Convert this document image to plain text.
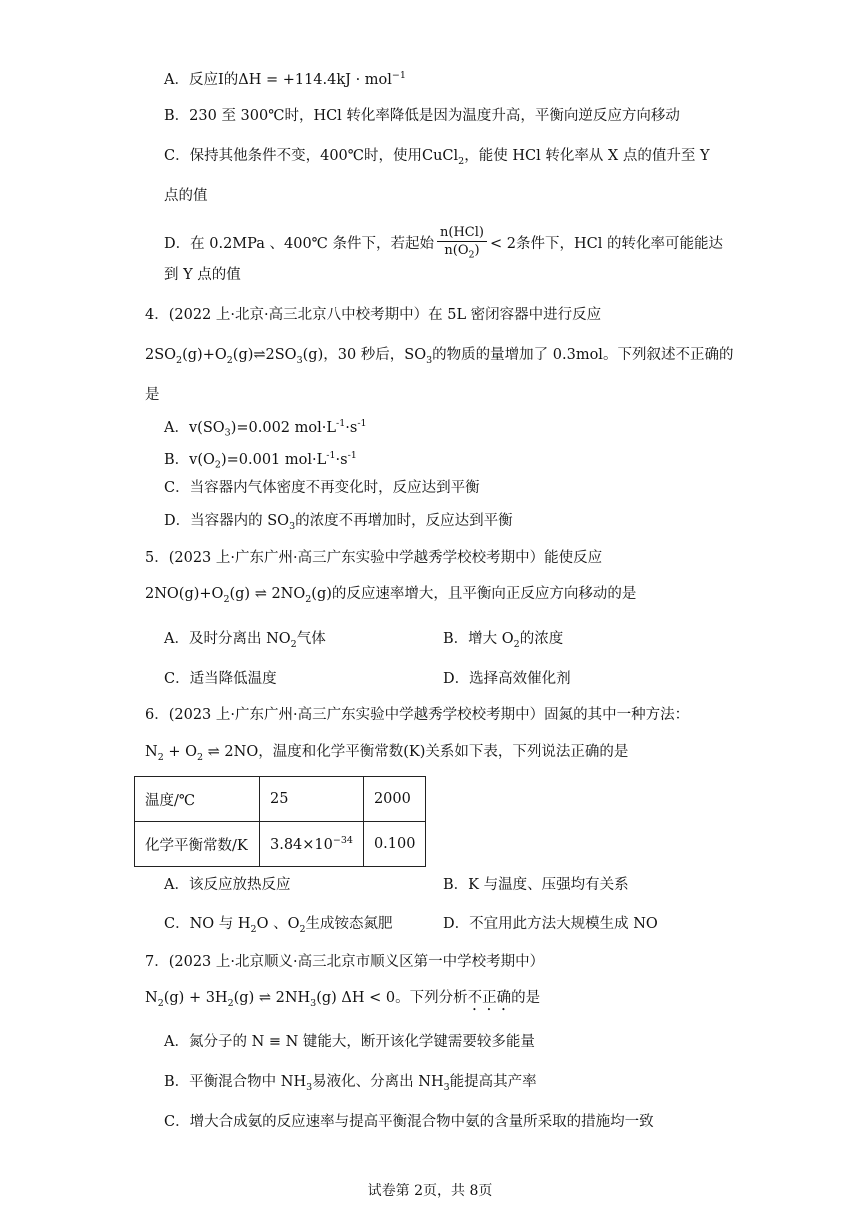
A．反应I的ΔH = +114.4kJ · mol$^{-1}$
B．230 至 300℃时，HCl 转化率降低是因为温度升高，平衡向逆反应方向移动
C．保持其他条件不变，400℃时，使用CuCl$_2$，能使 HCl 转化率从 X 点的值升至 Y
点的值
D．在 0.2MPa 、400℃ 条件下，若起始 $\frac{\text{n(HCl)}}{n(O_2)} < 2$条件下，HCl 的转化率可能能达
到 Y 点的值
4．(2022 上·北京·高三北京八中校考期中）在 5L 密闭容器中进行反应
$2SO_2(g)+O_2(g)\rightleftharpoons 2SO_3(g)$，30 秒后，$SO_3$的物质的量增加了 0.3mol。下列叙述不正确的
是
A．$v(SO_3)=0.002$ $mol\cdot L^{-1}\cdot s^{-1}$
B．$v(O_2)=0.001$ $mol\cdot L^{-1}\cdot s^{-1}$
C．当容器内气体密度不再变化时，反应达到平衡
D．当容器内的 $SO_3$的浓度不再增加时，反应达到平衡
5．(2023 上·广东广州·高三广东实验中学越秀学校校考期中）能使反应
$2NO(g)+O_2(g)$ ⇌ $2NO_2(g)$的反应速率增大，且平衡向正反应方向移动的是
A．及时分离出 $NO_2$气体	B．增大 $O_2$的浓度
C．适当降低温度	D．选择高效催化剂
6．(2023 上·广东广州·高三广东实验中学越秀学校校考期中）固氮的其中一种方法：
$N_2 + O_2$ ⇌ 2NO，温度和化学平衡常数(K)关系如下表，下列说法正确的是
温度/℃	25	2000
化学平衡常数/K	$3.84\times 10^{-34}$	0.100
A．该反应放热反应	B．K 与温度、压强均有关系
C．NO 与 $H_2O$ 、$O_2$生成铵态氮肥	D．不宜用此方法大规模生成 NO
7．(2023 上·北京顺义·高三北京市顺义区第一中学校考期中）
$N_2(g) + 3H_2(g)$ ⇌ $2NH_3(g) \Delta H < 0$。下列分析不正确的是
A．氮分子的 N ≡ N 键能大，断开该化学键需要较多能量
B．平衡混合物中 $NH_3$易液化、分离出 $NH_3$能提高其产率
C．增大合成氨的反应速率与提高平衡混合物中氨的含量所采取的措施均一致
试卷第 2页，共 8页
